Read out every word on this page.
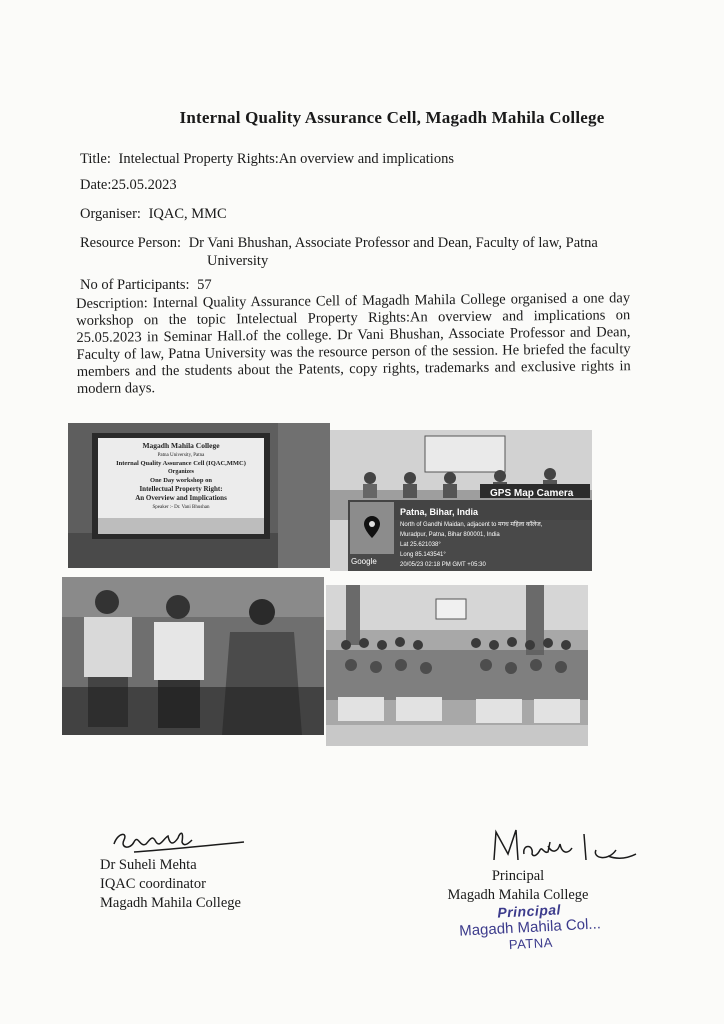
Internal Quality Assurance Cell, Magadh Mahila College
Title: Intelectual Property Rights:An overview and implications
Date:25.05.2023
Organiser: IQAC, MMC
Resource Person: Dr Vani Bhushan, Associate Professor and Dean, Faculty of law, Patna
University
No of Participants: 57
Description: Internal Quality Assurance Cell of Magadh Mahila College organised a one day workshop on the topic Intelectual Property Rights:An overview and implications on 25.05.2023 in Seminar Hall.of the college. Dr Vani Bhushan, Associate Professor and Dean, Faculty of law, Patna University was the resource person of the session. He briefed the faculty members and the students about the Patents, copy rights, trademarks and exclusive rights in modern days.
Magadh Mahila College
Patna University, Patna
Internal Quality Assurance Cell (IQAC,MMC)
Organizes
One Day workshop on
Intellectual Property Right:
An Overview and Implications
Speaker :- Dr. Vani Bhushan
GPS Map Camera
Patna, Bihar, India
North of Gandhi Maidan, adjacent to मगध महिला कॉलेज,
Muradpur, Patna, Bihar 800001, India
Lat 25.621038°
Long 85.143541°
20/05/23 02:18 PM GMT +05:30
Google
Dr Suheli Mehta
IQAC coordinator
Magadh Mahila College
Principal
Magadh Mahila College
Principal
Magadh Mahila Col...
PATNA
